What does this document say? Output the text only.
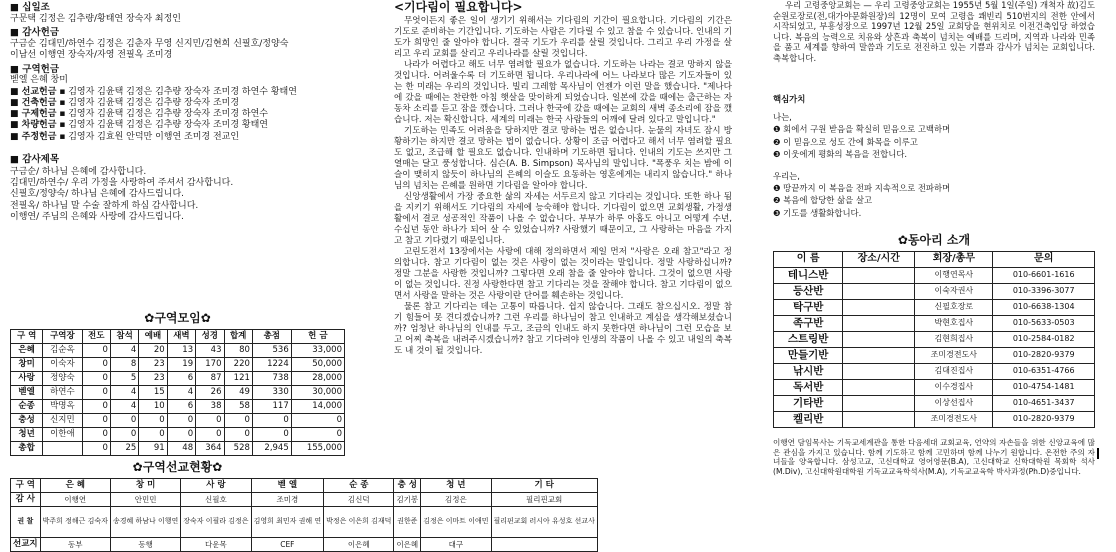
■ 십일조
구문택 김정은 김추량/황태연 장숙자 최정인
■ 감사헌금
구금순 김대민/하연수 김정은 김춘자 무영 신지민/김현희 신필호/정양숙
이남선 이행연 장숙자/자영 전필옥 조미경
■ 구역헌금
벧엘 은혜 창미
■ 선교헌금 ▪ 김영자 김윤택 김정은 김추량 장숙자 조미경 하연수 황태연
■ 건축헌금 ▪ 김영자 김윤택 김정은 김추량 장숙자 조미경
■ 구제헌금 ▪ 김영자 김윤택 김정은 김추량 장숙자 조미경 하연수
■ 차량헌금 ▪ 김영자 김윤택 김정은 김추량 장숙자 조미경 황태연
■ 주정헌금 ▪ 김영자 김효원 안덕만 이행연 조미경 전교인
■ 감사제목
구금순/ 하나님 은혜에 감사합니다.
김대민/하연수/ 우리 가정을 사랑하여 주셔서 감사합니다.
신필호/정양숙/ 하나님 은혜에 감사드립니다.
전필옥/ 하나님 말 수술 잘하게 하심 감사합니다.
이행연/ 주님의 은혜와 사랑에 감사드립니다.
✿구역모임✿
구 역	구역장	전도	참석	예배	새벽	성경	합계	총점	헌 금
은혜	김순옥	0	4	20	13	43	80	536	33,000
창미	이숙자	0	8	23	19	170	220	1224	50,000
사랑	정양숙	0	5	23	6	87	121	738	28,000
벧엘	하연수	0	4	15	4	26	49	330	30,000
순종	박명옥	0	4	10	6	38	58	117	14,000
충성	신지민	0	0	0	0	0	0	0	0
청년	이한애	0	0	0	0	0	0	0	0
총합		0	25	91	48	364	528	2,945	155,000
✿구역선교현황✿
구 역	은 혜	창 미	사 랑	벧 엘	순 종	충 성	청 년	기 타
감 사	이행연	안민민	신필호	조미경	김신덕	김기봉	김정은	필리핀교회
권 찰	박주희 정해근 김숙자	송경혜 하남나 이행연	장숙자 이필라 김정은	김영희 최민자 권해 연	박정은 이은희 김재덕	권한준	김정은 이마트 이애민	필리핀교회 러시아 유성호 선교사
선교지	동부	동행	다운목	CEF	이은혜	이은혜	대구	
<기다림이 필요합니다>

무엇이든지 좋은 일이 생기기 위해서는 기다림의 기간이 필요합니다. 기다림의 기간은 기도로 준비하는 기간입니다. 기도하는 사람은 기다릴 수 있고 참을 수 있습니다. 인내의 기도가 희망인 줄 알아야 합니다. 결국 기도가 우리를 살릴 것입니다. 그리고 우리 가정을 살리고 우리 교회를 살리고 우리나라를 살릴 것입니다.

나라가 어렵다고 해도 너무 염려할 필요가 없습니다. 기도하는 나라는 결코 망하지 않을 것입니다. 어려울수록 더 기도하면 됩니다. 우리나라에 어느 나라보다 많은 기도자들이 있는 한 미래는 우리의 것입니다. 빌리 그레함 목사님이 언젠가 이런 말을 했습니다. "제나다에 갔을 때에는 찬란한 아침 햇살을 맞이하게 되었습니다. 일본에 갔을 때에는 출근하는 자동차 소리를 듣고 잠을 깼습니다. 그러나 한국에 갔을 때에는 교회의 새벽 종소리에 잠을 깼습니다. 저는 확신합니다. 세계의 미래는 한국 사람들의 어깨에 달려 있다고 말입니다."

기도하는 민족도 어려움을 당하지만 결코 망하는 법은 없습니다. 눈물의 자녀도 잠시 방황하기는 하지만 결코 망하는 법이 없습니다. 상황이 조금 어렵다고 해서 너무 염려할 필요도 없고, 조급해 할 필요도 없습니다. 인내하며 기도하면 됩니다. 인내의 기도는 쓰지만 그 열매는 달고 풍성합니다. 심슨(A. B. Simpson) 목사님의 말입니다. "폭풍우 치는 밤에 이슬이 맺히지 않듯이 하나님의 은혜의 이슬도 요동하는 영혼에게는 내리지 않습니다." 하나님의 넘치는 은혜를 원하면 기다림을 알아야 합니다.

신앙생활에서 가장 중요한 삶의 자세는 서두르지 않고 기다리는 것입니다. 또한 하나 됨을 지키기 위해서도 기다림의 자세에 능숙해야 합니다. 기다림이 없으면 교회생활, 가정생활에서 결코 성공적인 작품이 나올 수 없습니다. 부부가 하루 아홉도 아니고 어떻게 수년, 수십년 동안 하나가 되어 살 수 있었습니까? 사랑했기 때문이고, 그 사랑하는 마음을 가지고 참고 기다렸기 때문입니다.

고린도전서 13장에서는 사랑에 대해 정의하면서 제일 먼저 "사랑은 오래 참고"라고 정의합니다. 참고 기다림이 없는 것은 사랑이 없는 것이라는 말입니다. 정말 사랑하십니까? 정말 그분을 사랑한 것입니까? 그렇다면 오래 참을 줄 알아야 합니다. 그것이 없으면 사랑이 없는 것입니다. 진정 사랑한다면 참고 기다리는 것을 잘해야 합니다. 참고 기다림이 없으면서 사랑을 말하는 것은 사랑이란 단어를 훼손하는 것입니다.

물론 참고 기다리는 데는 고통이 따릅니다. 쉽지 않습니다. 그래도 참으십시오. 정말 참기 힘들어 못 견디겠습니까? 그런 우리를 하나님이 참고 인내하고 계심을 생각해보셨습니까? 엄청난 하나님의 인내를 두고, 조금의 인내도 하지 못한다면 하나님이 그런 모습을 보고 어찌 축복을 내려주시겠습니까? 참고 기다려야 인생의 작품이 나올 수 있고 내일의 축복도 내 것이 될 것입니다.

우리 고령중앙교회는 — 우리 고령중앙교회는 1955년 5월 1일(주일) 개척자 故)김도순원로장로(전,대가야문화원장)의 12명이 모여 고령읍 쾌빈리 510번지의 전한 안에서 시작되었고, 부흥성장으로 1997년 12월 25일 교회당을 현위치로 이전건축입당 하였습니다. 복음의 능력으로 치유와 상흔과 축복이 넘치는 예배를 드리며, 지역과 나라와 민족을 품고 세계를 향하여 말씀과 기도로 전진하고 있는 기쁨과 감사가 넘치는 교회입니다. 축복합니다.
핵심가치
나는,
❶ 회에서 구원 받음을 확실히 믿음으로 고백하며
❷ 이 믿음으로 성도 간에 화목을 이루고
❸ 이웃에게 평화의 복음을 전합니다.
우리는,
❶ 땅끝까지 이 복음을 전파 지속적으로 전파하며
❷ 복음에 합당한 삶을 살고
❸ 기도를 생활화합니다.
✿동아리 소개
이 름	장소/시간	회장/총무	문의
테니스반		이행연목사	010-6601-1616
등산반		이숙자권사	010-3396-3077
탁구반		신필호장로	010-6638-1304
족구반		박현호집사	010-5633-0503
스트링반		김현희집사	010-2584-0182
만들기반		조미경전도사	010-2820-9379
낚시반		김대진집사	010-6351-4766
독서반		이수경집사	010-4754-1481
기타반		이상선집사	010-4651-3437
켈리반		조미경전도사	010-2820-9379
이행연 담임목사는 기독교세계관을 통한 다음세대 교회교육, 언약의 자손들을 위한 신앙교육에 많은 관심을 가지고 있습니다. 함께 기도하고 함께 고민하며 함께 나누기 원합니다. 온전한 주의 자녀들을 양육합니다. 삼성고교, 고신대학교 영어영문(B.A), 고신대학교 신학대학원 목회학 석사(M.Div), 고신대학원대학원 기독교교육학석사(M.A), 기독교교육학 박사과정(Ph.D)중입니다.
